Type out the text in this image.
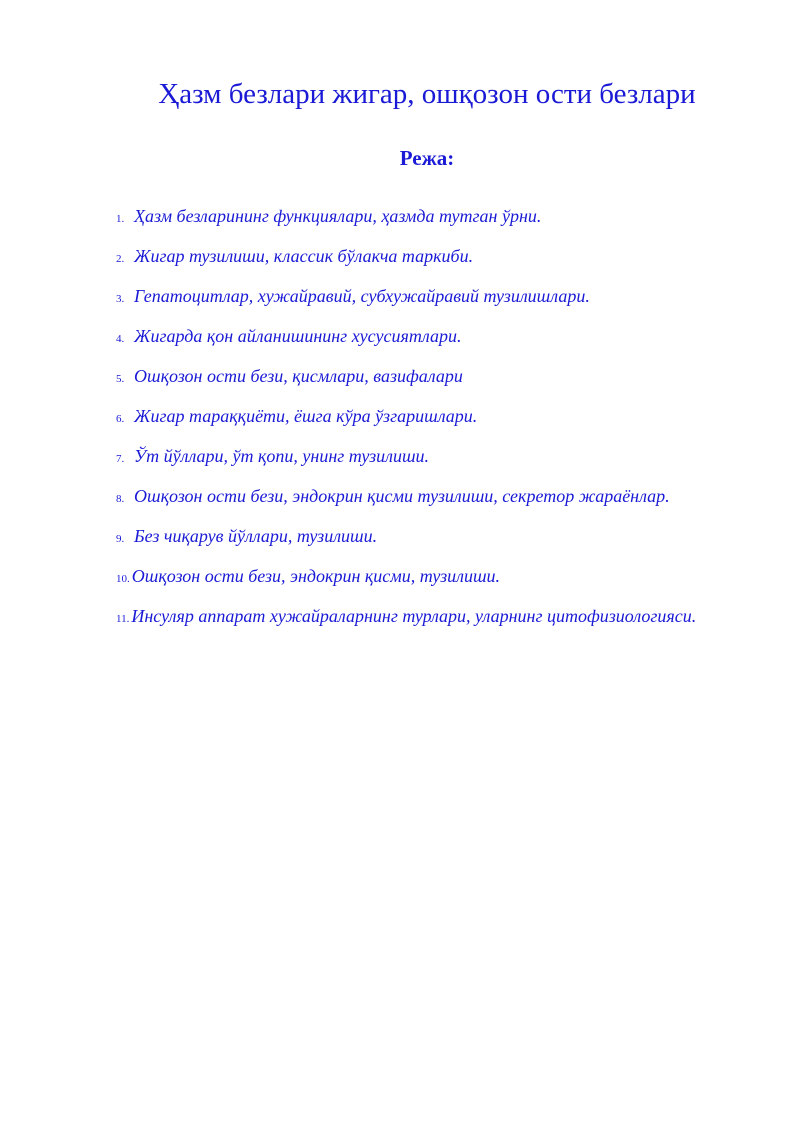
Ҳазм безлари жигар, ошқозон ости безлари
Режа:
1. Ҳазм безларининг функциялари, ҳазмда тутган ўрни.
2. Жигар тузилиши, классик бўлакча таркиби.
3. Гепатоцитлар, хужайравий, субхужайравий тузилишлари.
4. Жигарда қон айланишининг хусусиятлари.
5. Ошқозон ости бези, қисмлари, вазифалари
6. Жигар тараққиёти, ёшга кўра ўзгаришлари.
7. Ўт йўллари, ўт қопи, унинг тузилиши.
8. Ошқозон ости бези, эндокрин қисми тузилиши, секретор жараёнлар.
9. Без чиқарув йўллари, тузилиши.
10. Ошқозон ости бези, эндокрин қисми, тузилиши.
11. Инсуляр аппарат хужайраларнинг турлари, уларнинг цитофизиологияси.
